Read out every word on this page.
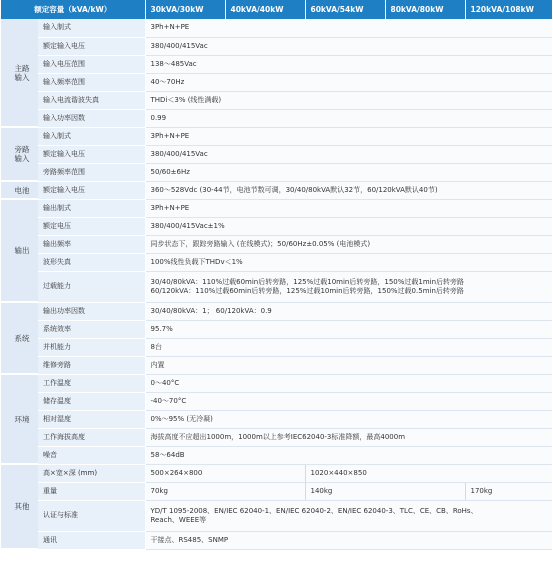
额定容量（kVA/kW）		30kVA/30kW	40kVA/40kW	60kVA/54kW	80kVA/80kW	120kVA/108kW
主路
输入	输入制式	3Ph+N+PE				
	额定输入电压	380/400/415Vac				
	输入电压范围	138～485Vac				
	输入频率范围	40～70Hz				
	输入电流谐波失真	THDi＜3% (线性满载)				
	输入功率因数	0.99				
旁路
输入	输入制式	3Ph+N+PE				
	额定输入电压	380/400/415Vac				
	旁路频率范围	50/60±6Hz				
电池	额定输入电压	360～528Vdc (30-44节，电池节数可调，30/40/80kVA默认32节，60/120kVA默认40节)				
输出	输出制式	3Ph+N+PE				
	额定电压	380/400/415Vac±1%				
	输出频率	同步状态下，跟踪旁路输入 (在线模式)；50/60Hz±0.05% (电池模式)				
	波形失真	100%线性负载下THDv＜1%				
	过载能力	30/40/80kVA：110%过载60min后转旁路，125%过载10min后转旁路，150%过载1min后转旁路
60/120kVA：110%过载60min后转旁路，125%过载10min后转旁路，150%过载0.5min后转旁路				

系统	输出功率因数	30/40/80kVA：1； 60/120kVA：0.9				
	系统效率	95.7%				
	并机能力	8台				
	维修旁路	内置				
环境	工作温度	0～40°C				
	储存温度	-40～70°C				
	相对湿度	0%～95% (无冷凝)				
	工作海拔高度	海拔高度不应超出1000m，1000m以上参考IEC62040-3标准降额，最高4000m				
	噪音	58～64dB				
其他	高×宽×深 (mm)	500×264×800		1020×440×850		
	重量	70kg		140kg		170kg
	认证与标准	YD/T 1095-2008、EN/IEC 62040-1、EN/IEC 62040-2、EN/IEC 62040-3、TLC、CE、CB、RoHs、
Reach、WEEE等				

	通讯	干接点、RS485、SNMP				
